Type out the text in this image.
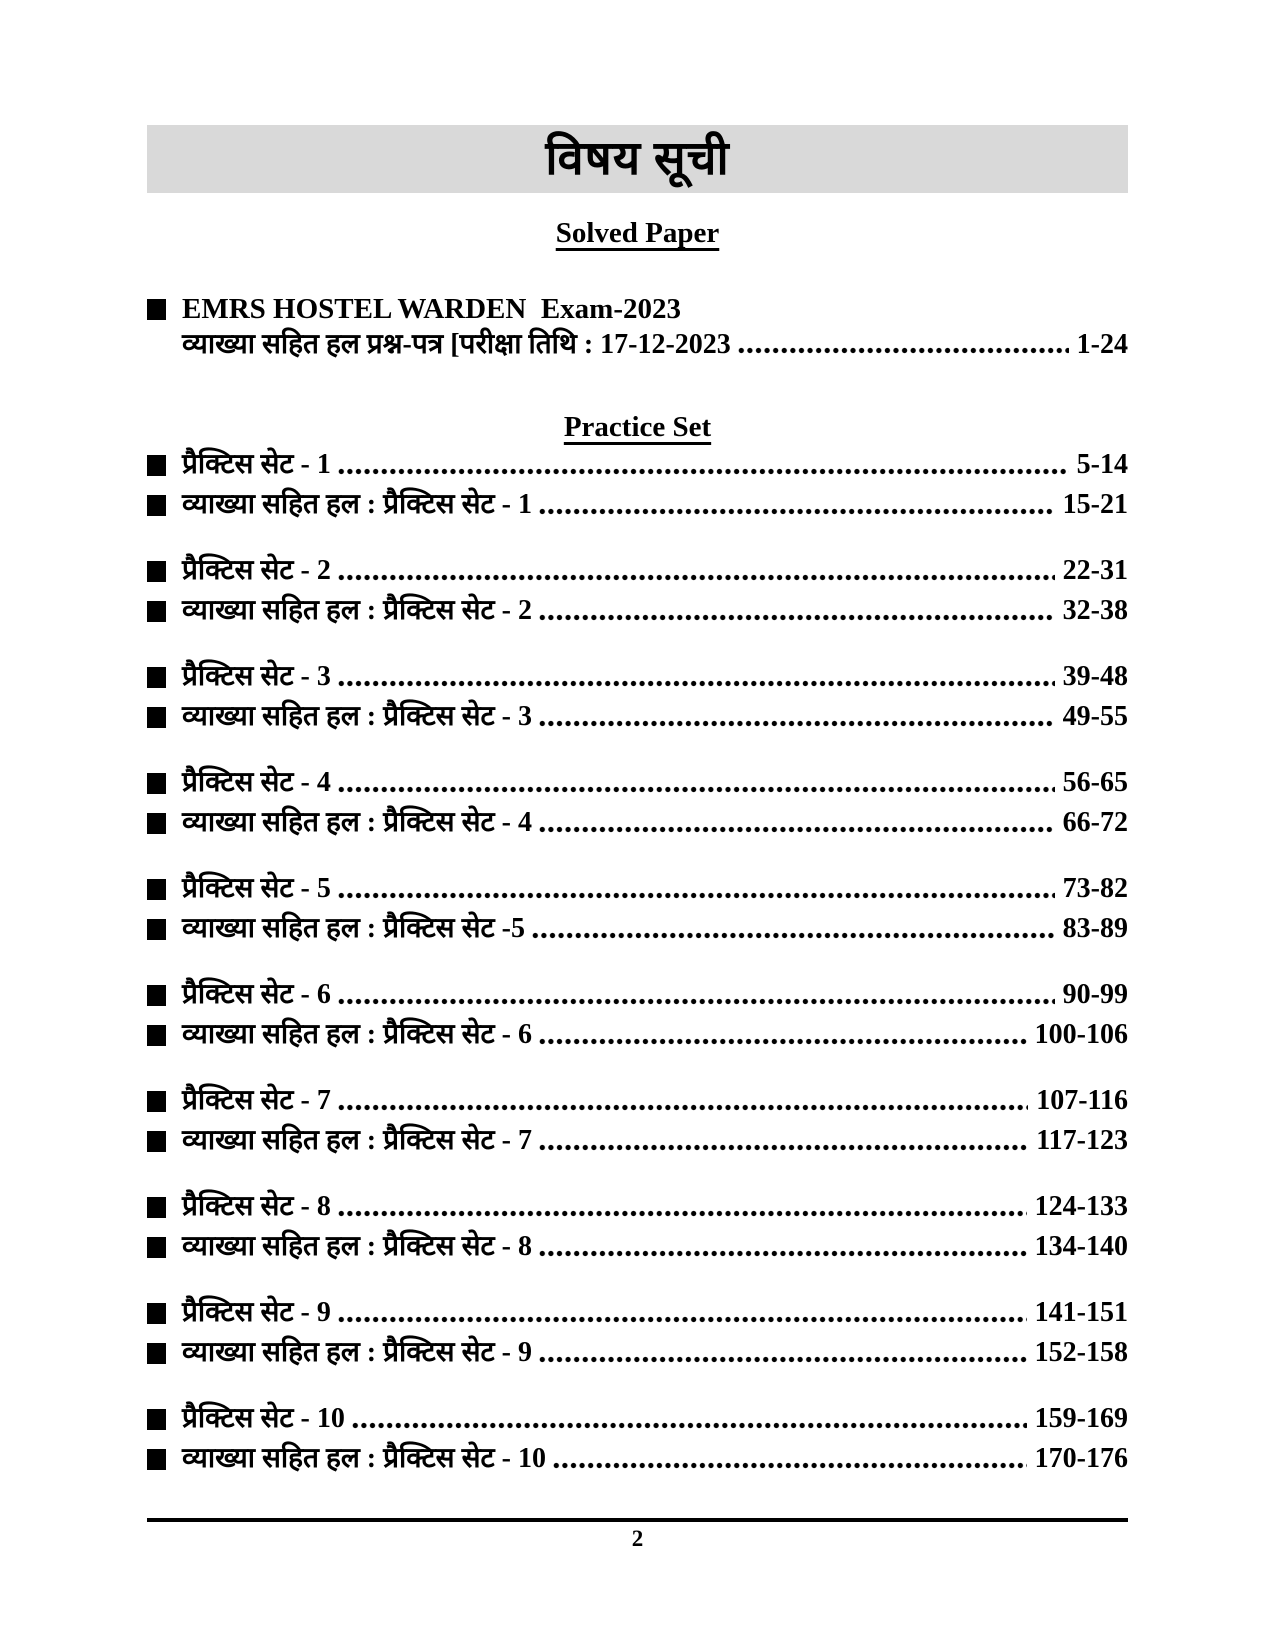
विषय सूची
Solved Paper
EMRS HOSTEL WARDEN  Exam-2023
व्याख्या सहित हल प्रश्न-पत्र [परीक्षा तिथि : 17-12-2023	1-24
Practice Set
प्रैक्टिस सेट - 1	5-14
व्याख्या सहित हल : प्रैक्टिस सेट - 1	15-21
प्रैक्टिस सेट - 2	22-31
व्याख्या सहित हल : प्रैक्टिस सेट - 2	32-38
प्रैक्टिस सेट - 3	39-48
व्याख्या सहित हल : प्रैक्टिस सेट - 3	49-55
प्रैक्टिस सेट - 4	56-65
व्याख्या सहित हल : प्रैक्टिस सेट - 4	66-72
प्रैक्टिस सेट - 5	73-82
व्याख्या सहित हल : प्रैक्टिस सेट -5	83-89
प्रैक्टिस सेट - 6	90-99
व्याख्या सहित हल : प्रैक्टिस सेट - 6	100-106
प्रैक्टिस सेट - 7	107-116
व्याख्या सहित हल : प्रैक्टिस सेट - 7	117-123
प्रैक्टिस सेट - 8	124-133
व्याख्या सहित हल : प्रैक्टिस सेट - 8	134-140
प्रैक्टिस सेट - 9	141-151
व्याख्या सहित हल : प्रैक्टिस सेट - 9	152-158
प्रैक्टिस सेट - 10	159-169
व्याख्या सहित हल : प्रैक्टिस सेट - 10	170-176
2
